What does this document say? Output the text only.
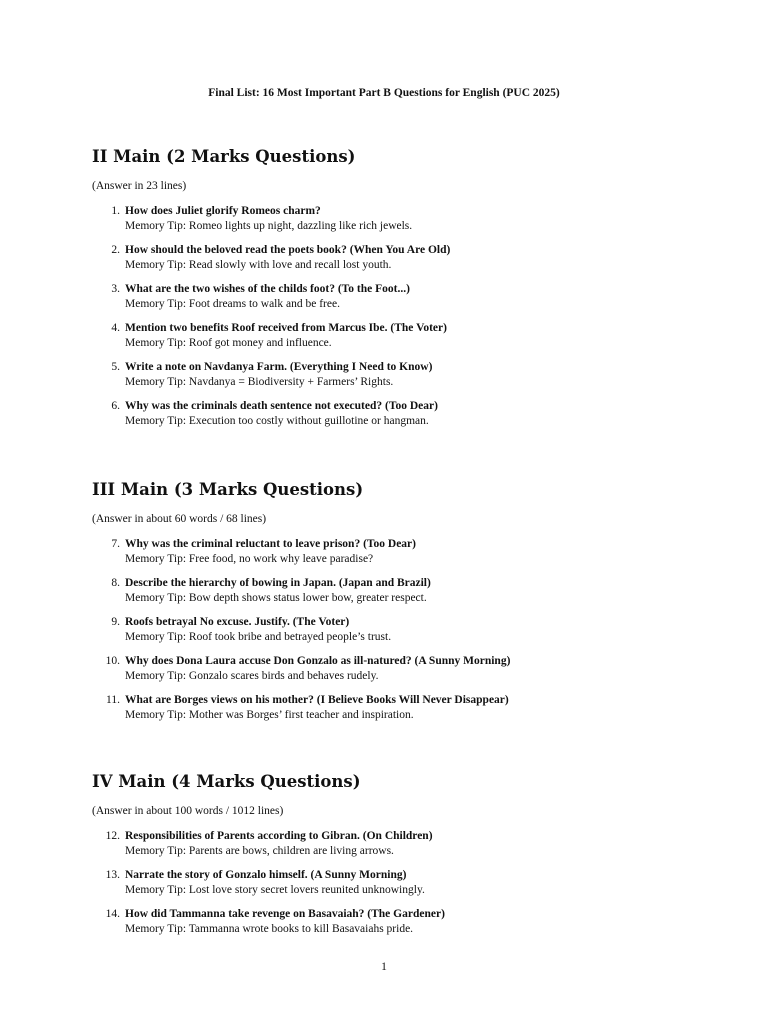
Final List: 16 Most Important Part B Questions for English (PUC 2025)
II Main (2 Marks Questions)
(Answer in 23 lines)
1. How does Juliet glorify Romeos charm?
Memory Tip: Romeo lights up night, dazzling like rich jewels.
2. How should the beloved read the poets book? (When You Are Old)
Memory Tip: Read slowly with love and recall lost youth.
3. What are the two wishes of the childs foot? (To the Foot...)
Memory Tip: Foot dreams to walk and be free.
4. Mention two benefits Roof received from Marcus Ibe. (The Voter)
Memory Tip: Roof got money and influence.
5. Write a note on Navdanya Farm. (Everything I Need to Know)
Memory Tip: Navdanya = Biodiversity + Farmers’ Rights.
6. Why was the criminals death sentence not executed? (Too Dear)
Memory Tip: Execution too costly without guillotine or hangman.
III Main (3 Marks Questions)
(Answer in about 60 words / 68 lines)
7. Why was the criminal reluctant to leave prison? (Too Dear)
Memory Tip: Free food, no work why leave paradise?
8. Describe the hierarchy of bowing in Japan. (Japan and Brazil)
Memory Tip: Bow depth shows status lower bow, greater respect.
9. Roofs betrayal No excuse. Justify. (The Voter)
Memory Tip: Roof took bribe and betrayed people’s trust.
10. Why does Dona Laura accuse Don Gonzalo as ill-natured? (A Sunny Morning)
Memory Tip: Gonzalo scares birds and behaves rudely.
11. What are Borges views on his mother? (I Believe Books Will Never Disappear)
Memory Tip: Mother was Borges’ first teacher and inspiration.
IV Main (4 Marks Questions)
(Answer in about 100 words / 1012 lines)
12. Responsibilities of Parents according to Gibran. (On Children)
Memory Tip: Parents are bows, children are living arrows.
13. Narrate the story of Gonzalo himself. (A Sunny Morning)
Memory Tip: Lost love story secret lovers reunited unknowingly.
14. How did Tammanna take revenge on Basavaiah? (The Gardener)
Memory Tip: Tammanna wrote books to kill Basavaiahs pride.
1
